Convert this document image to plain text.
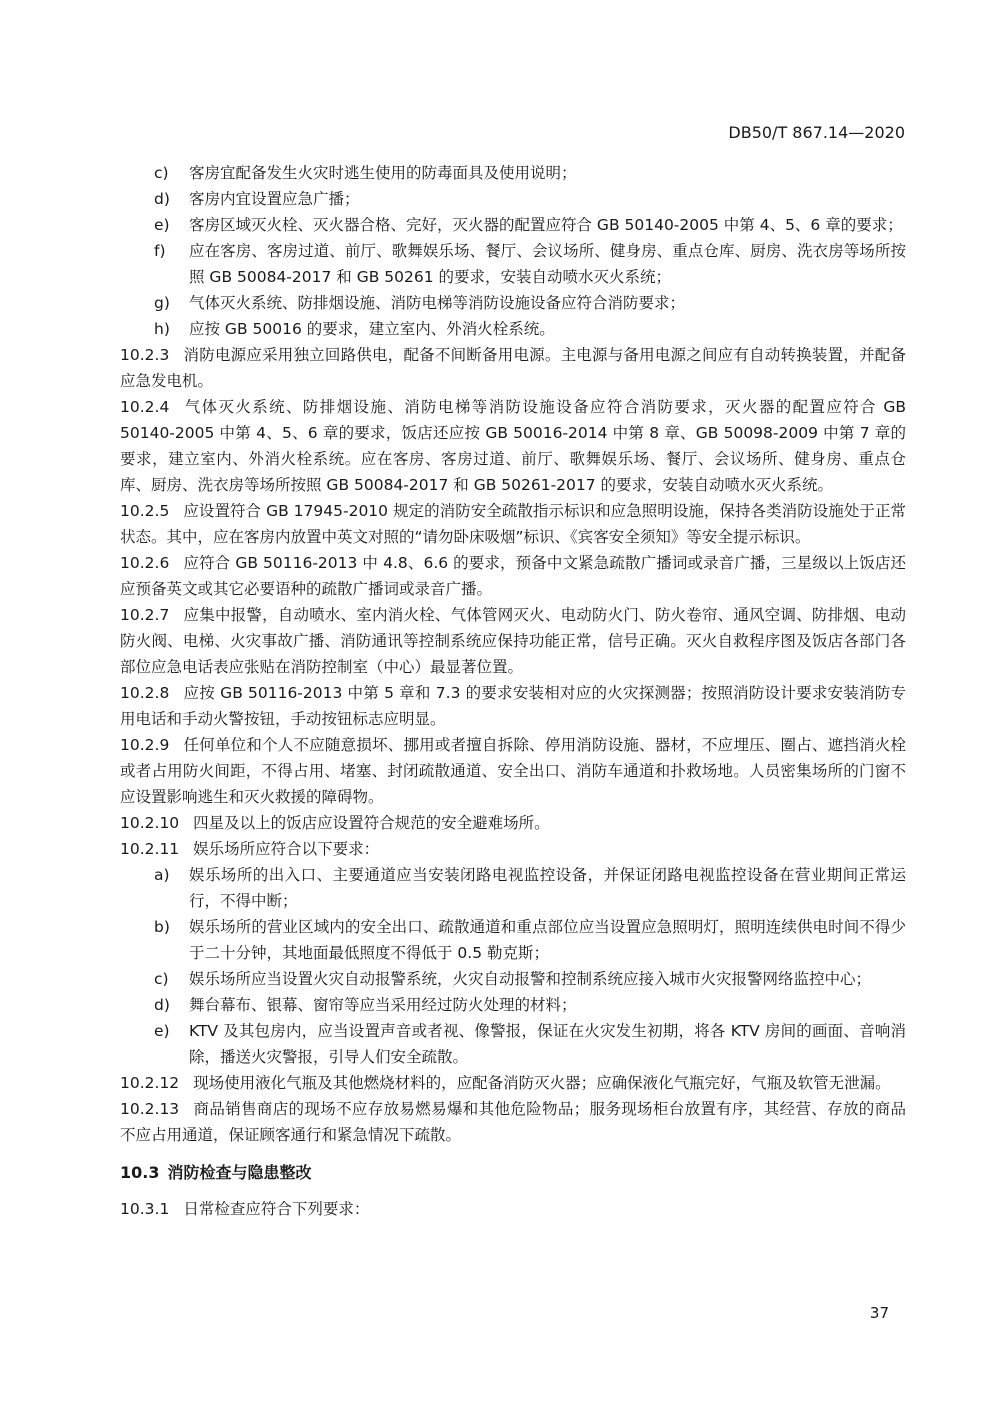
DB50/T 867.14—2020
c)	客房宜配备发生火灾时逃生使用的防毒面具及使用说明；
d)	客房内宜设置应急广播；
e)	客房区域灭火栓、灭火器合格、完好，灭火器的配置应符合 GB 50140-2005 中第 4、5、6 章的要求；
f)	应在客房、客房过道、前厅、歌舞娱乐场、餐厅、会议场所、健身房、重点仓库、厨房、洗衣房等场所按照 GB 50084-2017 和 GB 50261 的要求，安装自动喷水灭火系统；
g)	气体灭火系统、防排烟设施、消防电梯等消防设施设备应符合消防要求；
h)	应按 GB 50016 的要求，建立室内、外消火栓系统。
10.2.3 消防电源应采用独立回路供电，配备不间断备用电源。主电源与备用电源之间应有自动转换装置，并配备应急发电机。
10.2.4 气体灭火系统、防排烟设施、消防电梯等消防设施设备应符合消防要求，灭火器的配置应符合 GB 50140-2005 中第 4、5、6 章的要求，饭店还应按 GB 50016-2014 中第 8 章、GB 50098-2009 中第 7 章的要求，建立室内、外消火栓系统。应在客房、客房过道、前厅、歌舞娱乐场、餐厅、会议场所、健身房、重点仓库、厨房、洗衣房等场所按照 GB 50084-2017 和 GB 50261-2017 的要求，安装自动喷水灭火系统。
10.2.5 应设置符合 GB 17945-2010 规定的消防安全疏散指示标识和应急照明设施，保持各类消防设施处于正常状态。其中，应在客房内放置中英文对照的“请勿卧床吸烟”标识、《宾客安全须知》等安全提示标识。
10.2.6 应符合 GB 50116-2013 中 4.8、6.6 的要求，预备中文紧急疏散广播词或录音广播，三星级以上饭店还应预备英文或其它必要语种的疏散广播词或录音广播。
10.2.7 应集中报警，自动喷水、室内消火栓、气体管网灭火、电动防火门、防火卷帘、通风空调、防排烟、电动防火阀、电梯、火灾事故广播、消防通讯等控制系统应保持功能正常，信号正确。灭火自救程序图及饭店各部门各部位应急电话表应张贴在消防控制室（中心）最显著位置。
10.2.8 应按 GB 50116-2013 中第 5 章和 7.3 的要求安装相对应的火灾探测器；按照消防设计要求安装消防专用电话和手动火警按钮，手动按钮标志应明显。
10.2.9 任何单位和个人不应随意损坏、挪用或者擅自拆除、停用消防设施、器材，不应埋压、圈占、遮挡消火栓或者占用防火间距，不得占用、堵塞、封闭疏散通道、安全出口、消防车通道和扑救场地。人员密集场所的门窗不应设置影响逃生和灭火救援的障碍物。
10.2.10 四星及以上的饭店应设置符合规范的安全避难场所。
10.2.11 娱乐场所应符合以下要求：
a)	娱乐场所的出入口、主要通道应当安装闭路电视监控设备，并保证闭路电视监控设备在营业期间正常运行，不得中断；
b)	娱乐场所的营业区域内的安全出口、疏散通道和重点部位应当设置应急照明灯，照明连续供电时间不得少于二十分钟，其地面最低照度不得低于 0.5 勒克斯；
c)	娱乐场所应当设置火灾自动报警系统，火灾自动报警和控制系统应接入城市火灾报警网络监控中心；
d)	舞台幕布、银幕、窗帘等应当采用经过防火处理的材料；
e)	KTV 及其包房内，应当设置声音或者视、像警报，保证在火灾发生初期，将各 KTV 房间的画面、音响消除，播送火灾警报，引导人们安全疏散。
10.2.12 现场使用液化气瓶及其他燃烧材料的，应配备消防灭火器；应确保液化气瓶完好，气瓶及软管无泄漏。
10.2.13 商品销售商店的现场不应存放易燃易爆和其他危险物品；服务现场柜台放置有序，其经营、存放的商品不应占用通道，保证顾客通行和紧急情况下疏散。
10.3 消防检查与隐患整改
10.3.1 日常检查应符合下列要求：
37
